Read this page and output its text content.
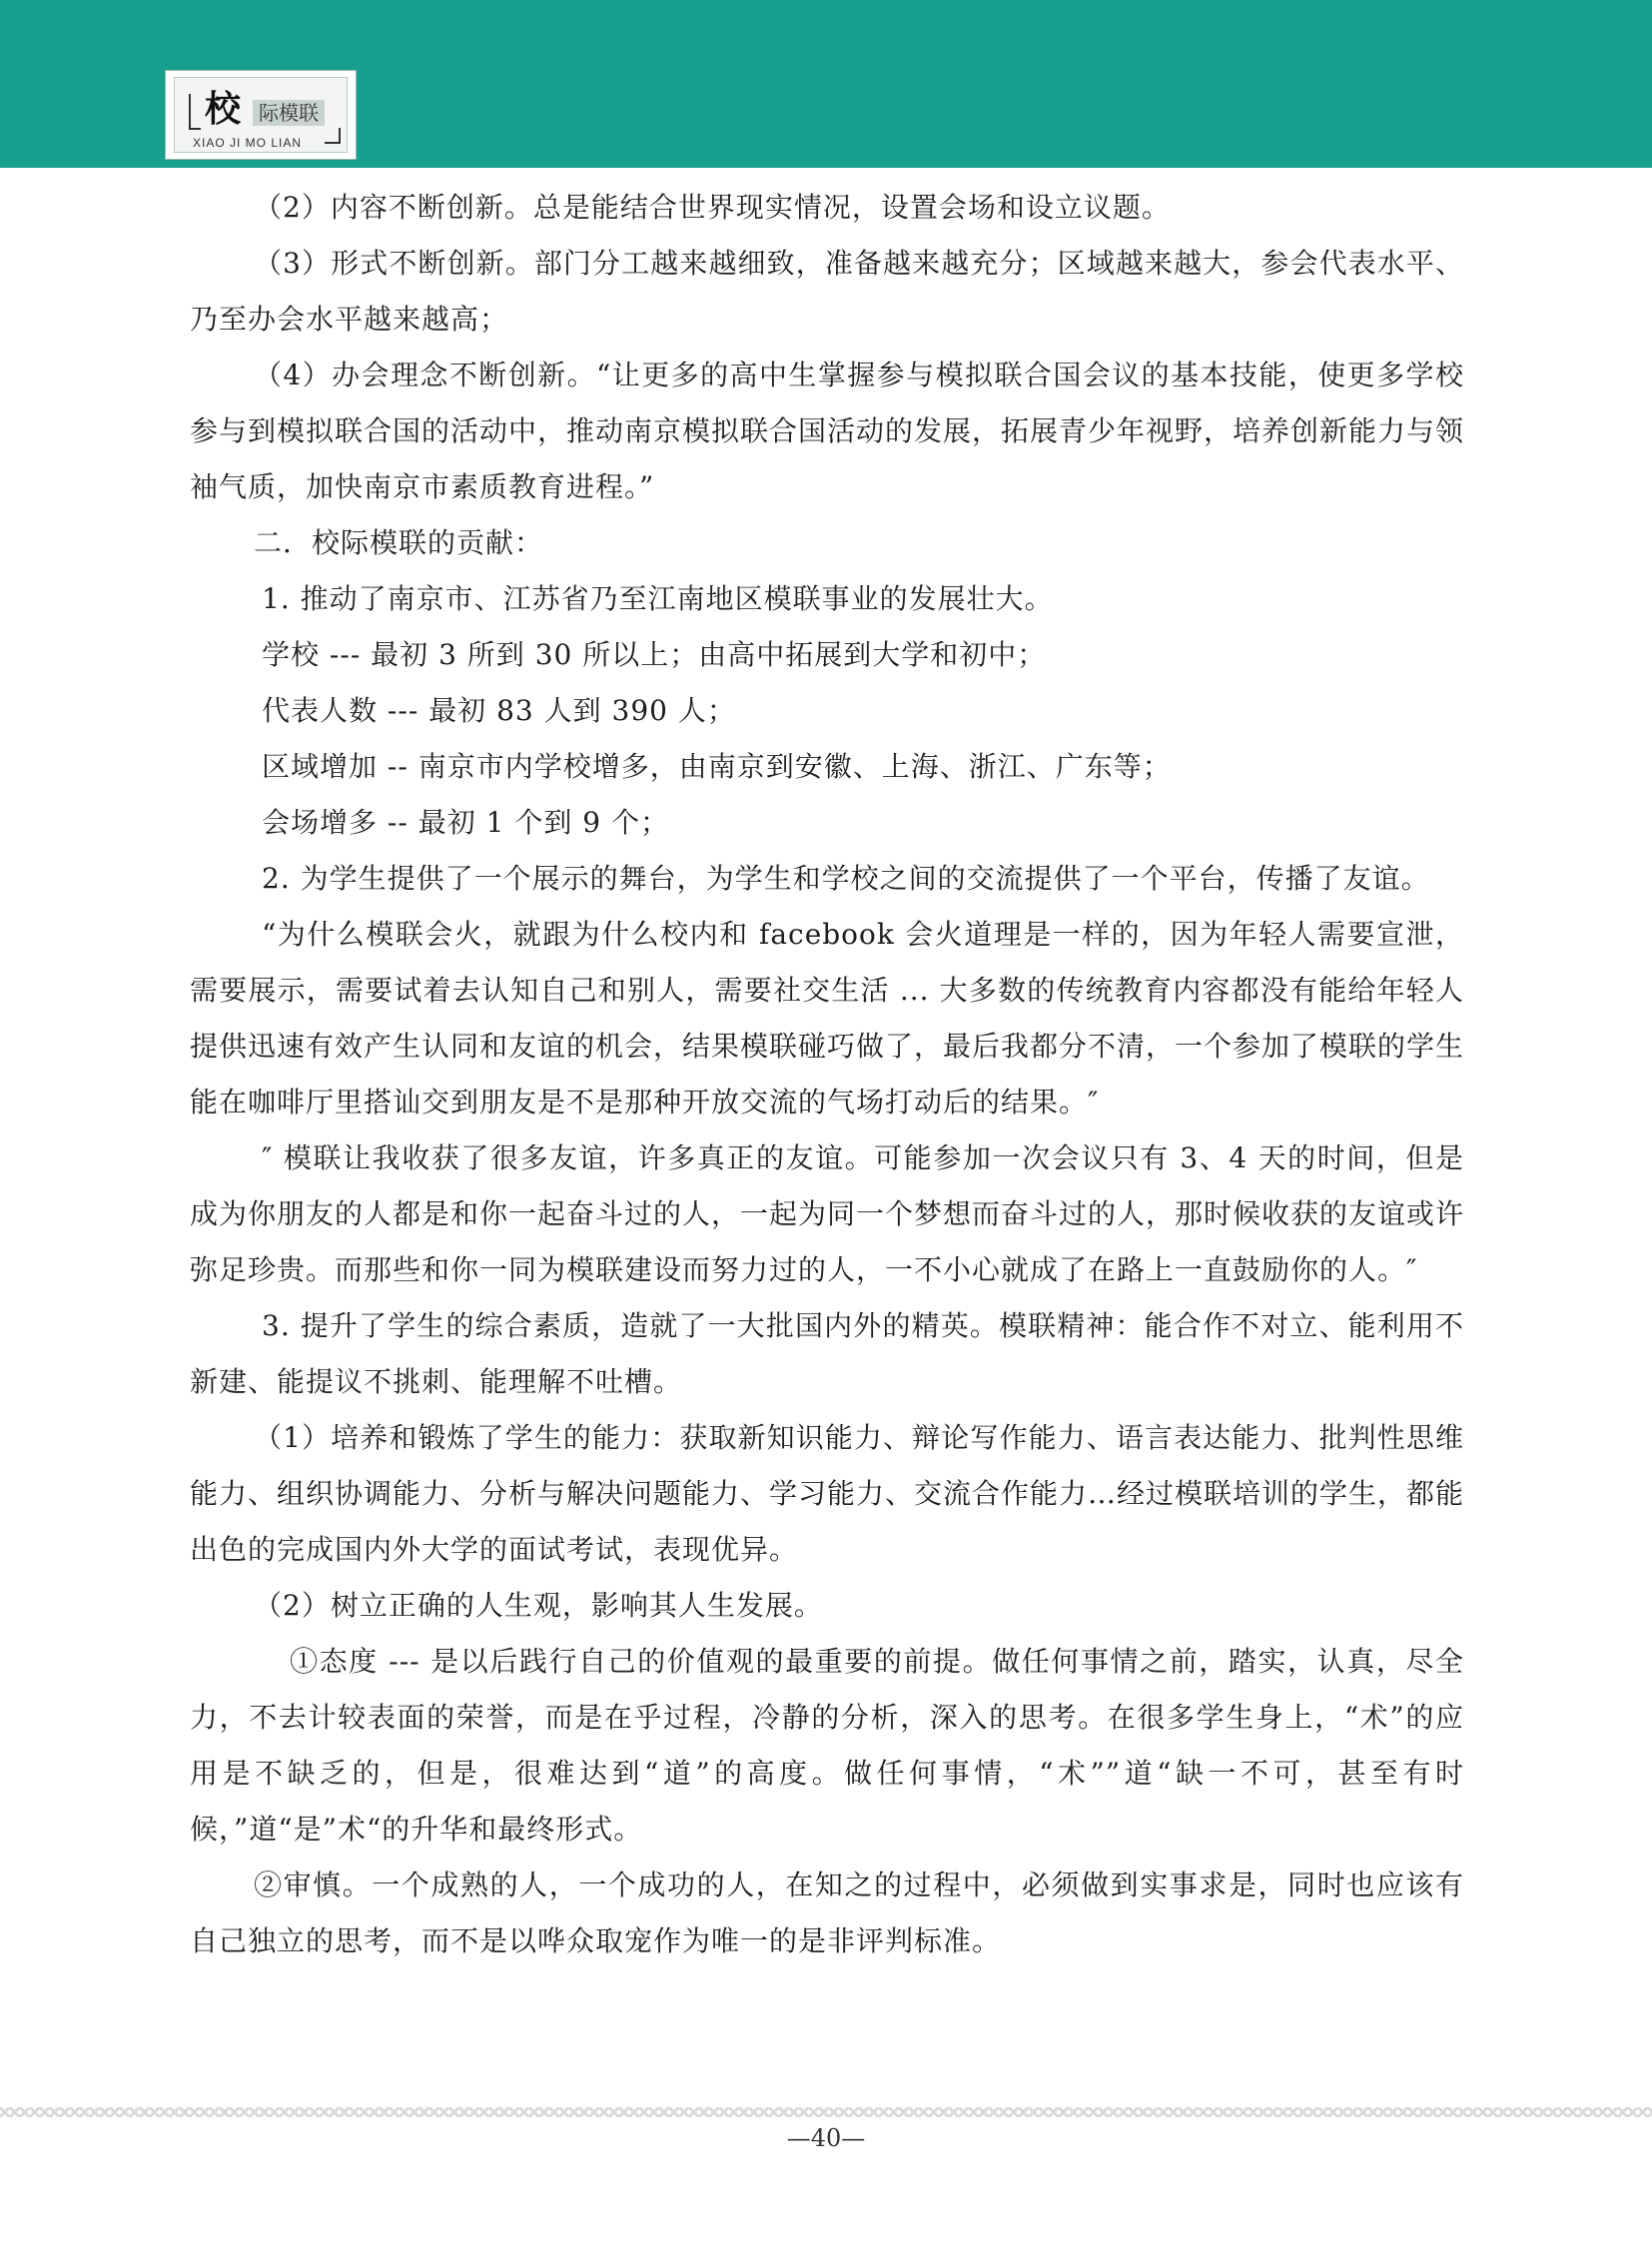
校 际模联
XIAO JI MO LIAN

（2）内容不断创新。总是能结合世界现实情况，设置会场和设立议题。

（3）形式不断创新。部门分工越来越细致，准备越来越充分；区域越来越大，参会代表水平、乃至办会水平越来越高；

（4）办会理念不断创新。“让更多的高中生掌握参与模拟联合国会议的基本技能，使更多学校参与到模拟联合国的活动中，推动南京模拟联合国活动的发展，拓展青少年视野，培养创新能力与领袖气质，加快南京市素质教育进程。”

二．校际模联的贡献：

1. 推动了南京市、江苏省乃至江南地区模联事业的发展壮大。

学校 --- 最初 3 所到 30 所以上；由高中拓展到大学和初中；

代表人数 --- 最初 83 人到 390 人；

区域增加 -- 南京市内学校增多，由南京到安徽、上海、浙江、广东等；

会场增多 -- 最初 1 个到 9 个；

2. 为学生提供了一个展示的舞台，为学生和学校之间的交流提供了一个平台，传播了友谊。

“为什么模联会火，就跟为什么校内和 facebook 会火道理是一样的，因为年轻人需要宣泄，需要展示，需要试着去认知自己和别人，需要社交生活 ... 大多数的传统教育内容都没有能给年轻人提供迅速有效产生认同和友谊的机会，结果模联碰巧做了，最后我都分不清，一个参加了模联的学生能在咖啡厅里搭讪交到朋友是不是那种开放交流的气场打动后的结果。″

″ 模联让我收获了很多友谊，许多真正的友谊。可能参加一次会议只有 3、4 天的时间，但是成为你朋友的人都是和你一起奋斗过的人，一起为同一个梦想而奋斗过的人，那时候收获的友谊或许弥足珍贵。而那些和你一同为模联建设而努力过的人，一不小心就成了在路上一直鼓励你的人。″

3. 提升了学生的综合素质，造就了一大批国内外的精英。模联精神：能合作不对立、能利用不新建、能提议不挑刺、能理解不吐槽。

（1）培养和锻炼了学生的能力：获取新知识能力、辩论写作能力、语言表达能力、批判性思维能力、组织协调能力、分析与解决问题能力、学习能力、交流合作能力…经过模联培训的学生，都能出色的完成国内外大学的面试考试，表现优异。

（2）树立正确的人生观，影响其人生发展。

①态度 --- 是以后践行自己的价值观的最重要的前提。做任何事情之前，踏实，认真，尽全力，不去计较表面的荣誉，而是在乎过程，冷静的分析，深入的思考。在很多学生身上，“术”的应用是不缺乏的，但是，很难达到“道”的高度。做任何事情，“术””道“缺一不可，甚至有时候，”道“是”术“的升华和最终形式。

②审慎。一个成熟的人，一个成功的人，在知之的过程中，必须做到实事求是，同时也应该有自己独立的思考，而不是以哗众取宠作为唯一的是非评判标准。

—40—
